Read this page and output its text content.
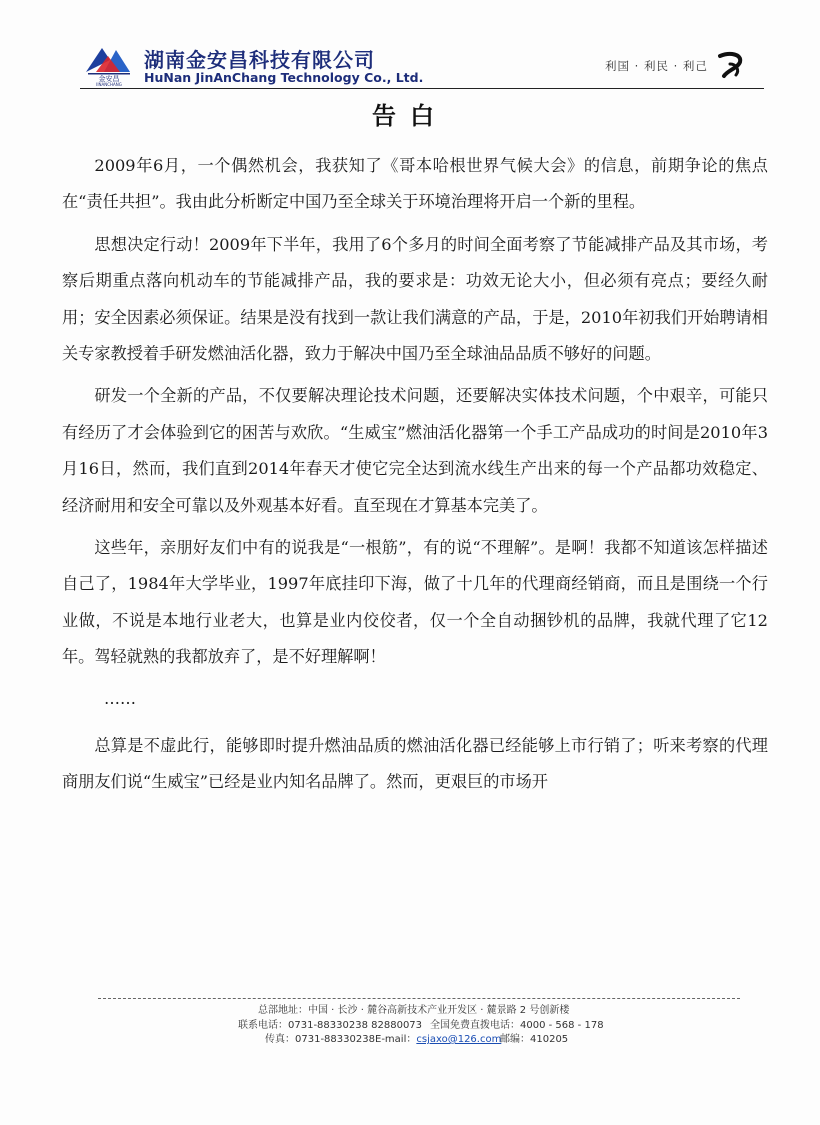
金安昌
JINANCHANG
湖南金安昌科技有限公司
HuNan JinAnChang Technology Co., Ltd.
利国 · 利民 · 利己
告白

2009年6月，一个偶然机会，我获知了《哥本哈根世界气候大会》的信息，前期争论的焦点在“责任共担”。我由此分析断定中国乃至全球关于环境治理将开启一个新的里程。

思想决定行动！2009年下半年，我用了6个多月的时间全面考察了节能减排产品及其市场，考察后期重点落向机动车的节能减排产品，我的要求是：功效无论大小，但必须有亮点；要经久耐用；安全因素必须保证。结果是没有找到一款让我们满意的产品，于是，2010年初我们开始聘请相关专家教授着手研发燃油活化器，致力于解决中国乃至全球油品品质不够好的问题。

研发一个全新的产品，不仅要解决理论技术问题，还要解决实体技术问题，个中艰辛，可能只有经历了才会体验到它的困苦与欢欣。“生威宝”燃油活化器第一个手工产品成功的时间是2010年3月16日，然而，我们直到2014年春天才使它完全达到流水线生产出来的每一个产品都功效稳定、经济耐用和安全可靠以及外观基本好看。直至现在才算基本完美了。

这些年，亲朋好友们中有的说我是“一根筋”，有的说“不理解”。是啊！我都不知道该怎样描述自己了，1984年大学毕业，1997年底挂印下海，做了十几年的代理商经销商，而且是围绕一个行业做，不说是本地行业老大，也算是业内佼佼者，仅一个全自动捆钞机的品牌，我就代理了它12年。驾轻就熟的我都放弃了，是不好理解啊！

……

总算是不虚此行，能够即时提升燃油品质的燃油活化器已经能够上市行销了；听来考察的代理商朋友们说“生威宝”已经是业内知名品牌了。然而，更艰巨的市场开

总部地址：中国 · 长沙 · 麓谷高新技术产业开发区 · 麓景路 2 号创新楼
联系电话：0731-88330238 82880073 全国免费直拨电话：4000 - 568 - 178
传真：0731-88330238 E-mail：csjaxo@126.com
邮编：410205
